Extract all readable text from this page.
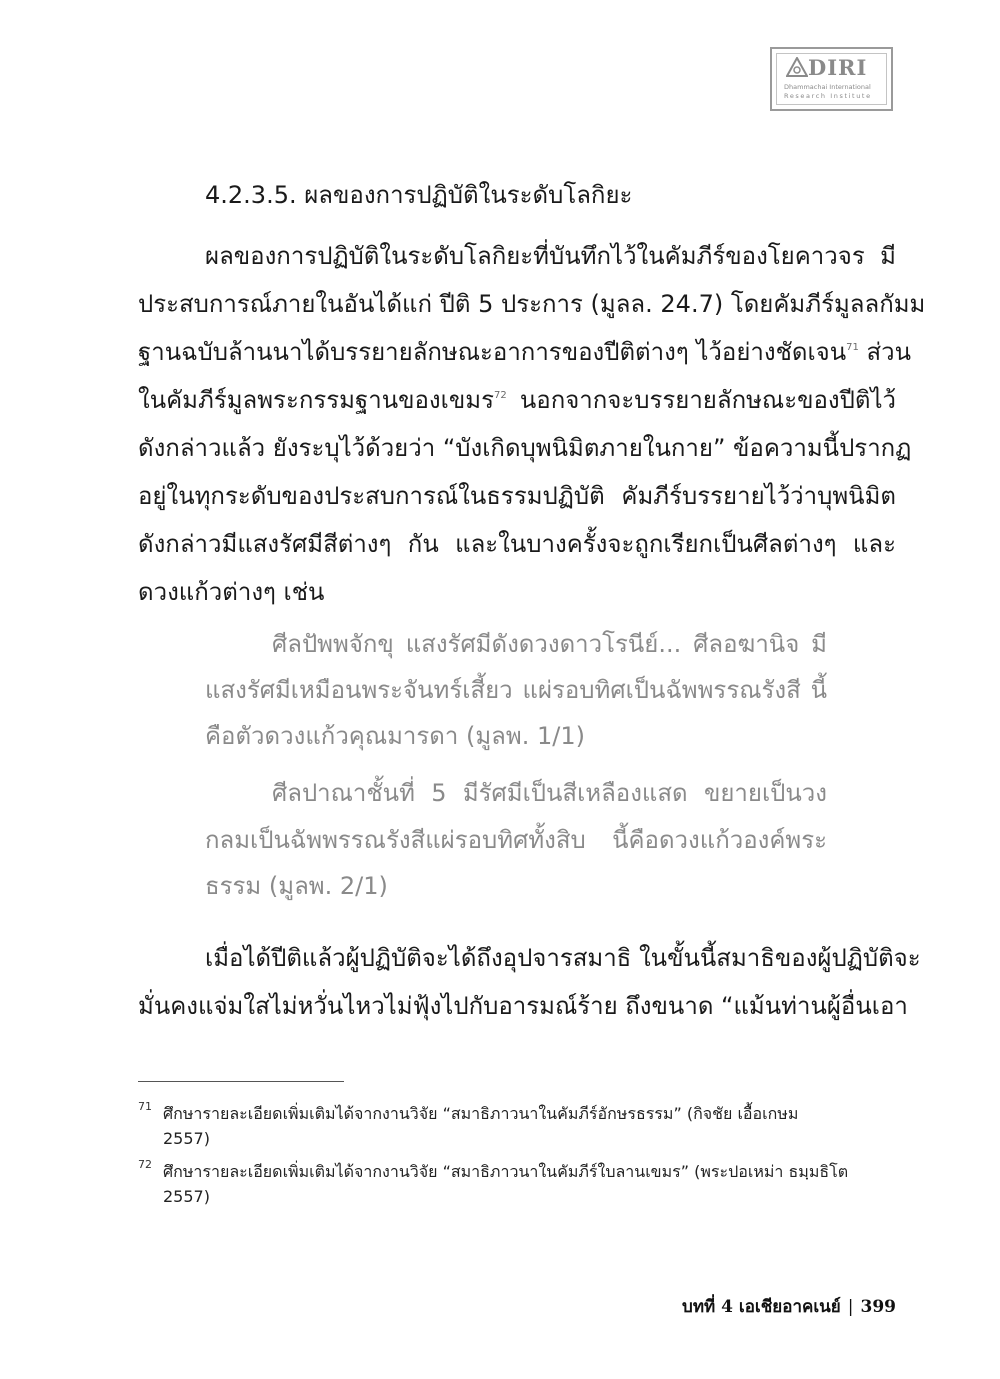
DIRI
Dhammachai International
Research Institute
4.2.3.5. ผลของการปฏิบัติในระดับโลกิยะ
ผลของการปฏิบัติในระดับโลกิยะที่บันทึกไว้ในคัมภีร์ของโยคาวจร มี
ประสบการณ์ภายในอันได้แก่ ปีติ 5 ประการ (มูลล. 24.7) โดยคัมภีร์มูลลกัมม
ฐานฉบับล้านนาได้บรรยายลักษณะอาการของปีติต่างๆ ไว้อย่างชัดเจน$^{71}$ ส่วน
ในคัมภีร์มูลพระกรรมฐานของเขมร$^{72}$ นอกจากจะบรรยายลักษณะของปีติไว้
ดังกล่าวแล้ว ยังระบุไว้ด้วยว่า “บังเกิดบุพนิมิตภายในกาย” ข้อความนี้ปรากฏ
อยู่ในทุกระดับของประสบการณ์ในธรรมปฏิบัติ คัมภีร์บรรยายไว้ว่าบุพนิมิต
ดังกล่าวมีแสงรัศมีสีต่างๆ กัน และในบางครั้งจะถูกเรียกเป็นศีลต่างๆ และ
ดวงแก้วต่างๆ เช่น
ศีลปัพพจักขุ แสงรัศมีดังดวงดาวโรนีย์... ศีลอฆานิจ มี
แสงรัศมีเหมือนพระจันทร์เสี้ยว แผ่รอบทิศเป็นฉัพพรรณรังสี นี้
คือตัวดวงแก้วคุณมารดา (มูลพ. 1/1)
ศีลปาณาชั้นที่ 5 มีรัศมีเป็นสีเหลืองแสด ขยายเป็นวง
กลมเป็นฉัพพรรณรังสีแผ่รอบทิศทั้งสิบ นี้คือดวงแก้วองค์พระ
ธรรม (มูลพ. 2/1)
เมื่อได้ปีติแล้วผู้ปฏิบัติจะได้ถึงอุปจารสมาธิ ในขั้นนี้สมาธิของผู้ปฏิบัติจะ
มั่นคงแจ่มใสไม่หวั่นไหวไม่ฟุ้งไปกับอารมณ์ร้าย ถึงขนาด “แม้นท่านผู้อื่นเอา
71 ศึกษารายละเอียดเพิ่มเติมได้จากงานวิจัย “สมาธิภาวนาในคัมภีร์อักษรธรรม” (กิจชัย เอื้อเกษม
2557)
72 ศึกษารายละเอียดเพิ่มเติมได้จากงานวิจัย “สมาธิภาวนาในคัมภีร์ใบลานเขมร” (พระปอเหม่า ธมฺมธิโต
2557)
บทที่ 4 เอเชียอาคเนย์ | 399
